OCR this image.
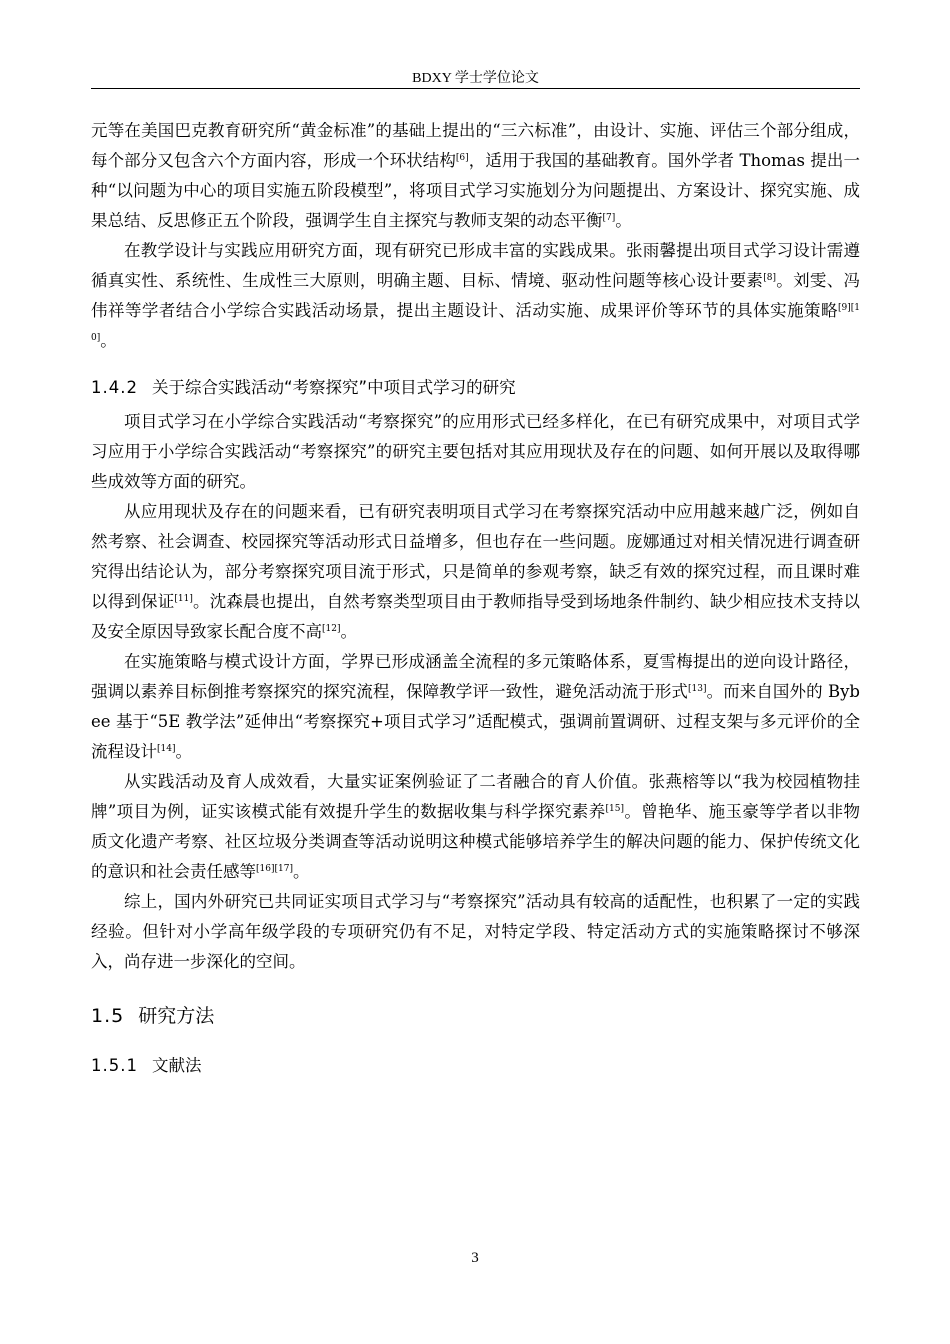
BDXY 学士学位论文

元等在美国巴克教育研究所“黄金标准”的基础上提出的“三六标准”，由设计、实施、评估三个部分组成，每个部分又包含六个方面内容，形成一个环状结构[6]，适用于我国的基础教育。国外学者 Thomas 提出一种“以问题为中心的项目实施五阶段模型”，将项目式学习实施划分为问题提出、方案设计、探究实施、成果总结、反思修正五个阶段，强调学生自主探究与教师支架的动态平衡[7]。

在教学设计与实践应用研究方面，现有研究已形成丰富的实践成果。张雨馨提出项目式学习设计需遵循真实性、系统性、生成性三大原则，明确主题、目标、情境、驱动性问题等核心设计要素[8]。刘雯、冯伟祥等学者结合小学综合实践活动场景，提出主题设计、活动实施、成果评价等环节的具体实施策略[9][10]。

1.4.2 关于综合实践活动“考察探究”中项目式学习的研究

项目式学习在小学综合实践活动“考察探究”的应用形式已经多样化，在已有研究成果中，对项目式学习应用于小学综合实践活动“考察探究”的研究主要包括对其应用现状及存在的问题、如何开展以及取得哪些成效等方面的研究。

从应用现状及存在的问题来看，已有研究表明项目式学习在考察探究活动中应用越来越广泛，例如自然考察、社会调查、校园探究等活动形式日益增多，但也存在一些问题。庞娜通过对相关情况进行调查研究得出结论认为，部分考察探究项目流于形式，只是简单的参观考察，缺乏有效的探究过程，而且课时难以得到保证[11]。沈森晨也提出，自然考察类型项目由于教师指导受到场地条件制约、缺少相应技术支持以及安全原因导致家长配合度不高[12]。

在实施策略与模式设计方面，学界已形成涵盖全流程的多元策略体系，夏雪梅提出的逆向设计路径，强调以素养目标倒推考察探究的探究流程，保障教学评一致性，避免活动流于形式[13]。而来自国外的 Bybee 基于“5E 教学法”延伸出“考察探究+项目式学习”适配模式，强调前置调研、过程支架与多元评价的全流程设计[14]。

从实践活动及育人成效看，大量实证案例验证了二者融合的育人价值。张燕榕等以“我为校园植物挂牌”项目为例，证实该模式能有效提升学生的数据收集与科学探究素养[15]。曾艳华、施玉豪等学者以非物质文化遗产考察、社区垃圾分类调查等活动说明这种模式能够培养学生的解决问题的能力、保护传统文化的意识和社会责任感等[16][17]。

综上，国内外研究已共同证实项目式学习与“考察探究”活动具有较高的适配性，也积累了一定的实践经验。但针对小学高年级学段的专项研究仍有不足，对特定学段、特定活动方式的实施策略探讨不够深入，尚存进一步深化的空间。

1.5 研究方法

1.5.1 文献法

3
